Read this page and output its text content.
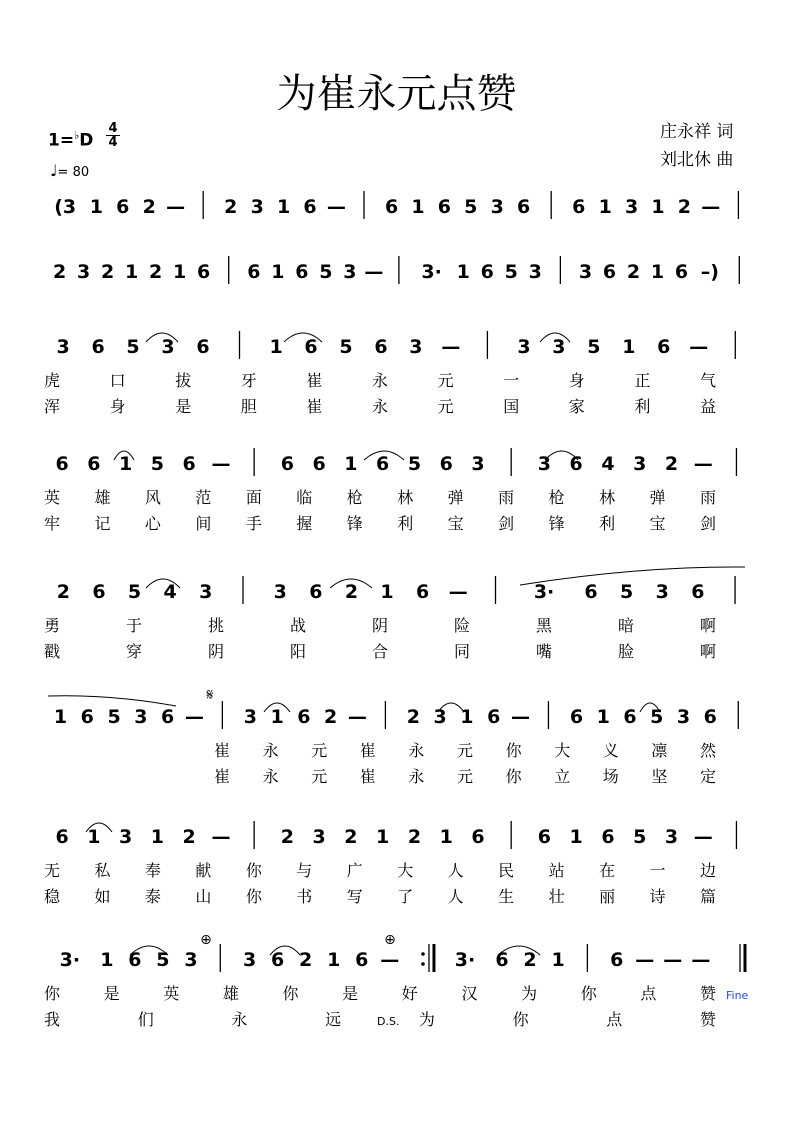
为崔永元点赞
庄永祥 词
刘北休 曲
1=♭D
4
4
♩= 80
(3 1 6 2 — 2 3 1 6 — 6 1 6 5 3 6 6 1 3 1 2 —
2 3 2 1 2 1 6 6 1 6 5 3 — 3· 1 6 5 3 3 6 2 1 6 –)
3 6 5 3 6	1 6 5 6 3 —	3 3 5 1 6 —
虎	口	拔	牙	崔	永	元	一	身	正	气
浑	身	是	胆	崔	永	元	国	家	利	益
6 6 1 5 6 —	6 6 1 6 5 6 3	3 6 4 3 2 —
英 雄 风 范 面 临 枪 林 弹 雨 枪 林 弹 雨
牢 记 心 间 手 握 锋 利 宝 剑 锋 利 宝 剑
2 6 5 4 3	3 6 2 1 6 —	3· 6 5 3 6
勇	于	挑	战	阴	险	黑	暗	啊
戳	穿	阴	阳	合	同	嘴	脸	啊
1 6 5 3 6 — 3 1 6 2 — 2 3 1 6 — 6 1 6 5 3 6
崔 永 元 崔 永 元 你 大 义 凛 然
崔 永 元 崔 永 元 你 立 场 坚 定
6 1 3 1 2 —	2 3 2 1 2 1 6	6 1 6 5 3 —
无 私 奉 献 你 与 广 大 人 民 站 在 一 边
稳 如 泰 山 你 书 写 了 人 生 壮 丽 诗 篇
3· 1 6 5 3 3 6 2 1 6 —	3· 6 2 1 6 — — —
你	是	英	雄	你	是	好	汉	为	你	点	赞
我	们	永	远	为	你	点	赞
𝄋
⊕	⊕
D.S.
Fine
